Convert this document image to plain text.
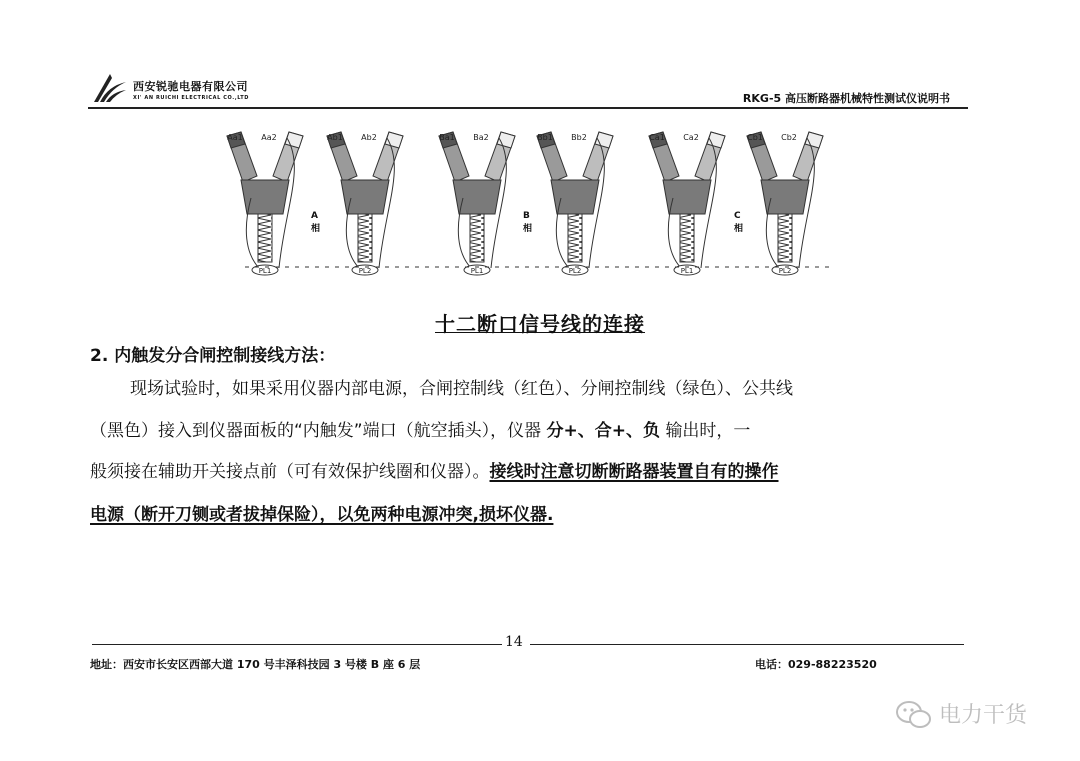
西安锐驰电器有限公司
XI' AN RUICHI ELECTRICAL CO.,LTD	RKG-5 高压断路器机械特性测试仪说明书
PL1
Aa1 Aa2
PL2
Ab1 Ab2
PL1
Ba1 Ba2
PL2
Bb1 Bb2
PL1
Ca1 Ca2
PL2
Cb1 Cb2
A相
B相
C相
十二断口信号线的连接
2. 内触发分合闸控制接线方法：
现场试验时，如果采用仪器内部电源，合闸控制线（红色）、分闸控制线（绿色）、公共线
（黑色）接入到仪器面板的“内触发”端口（航空插头），仪器 分+、合+、负 输出时，一
般须接在辅助开关接点前（可有效保护线圈和仪器）。接线时注意切断断路器装置自有的操作
电源（断开刀铡或者拔掉保险），以免两种电源冲突,损坏仪器.
14
地址：西安市长安区西部大道 170 号丰泽科技园 3 号楼 B 座 6 层	电话：029-88223520
电力干货
